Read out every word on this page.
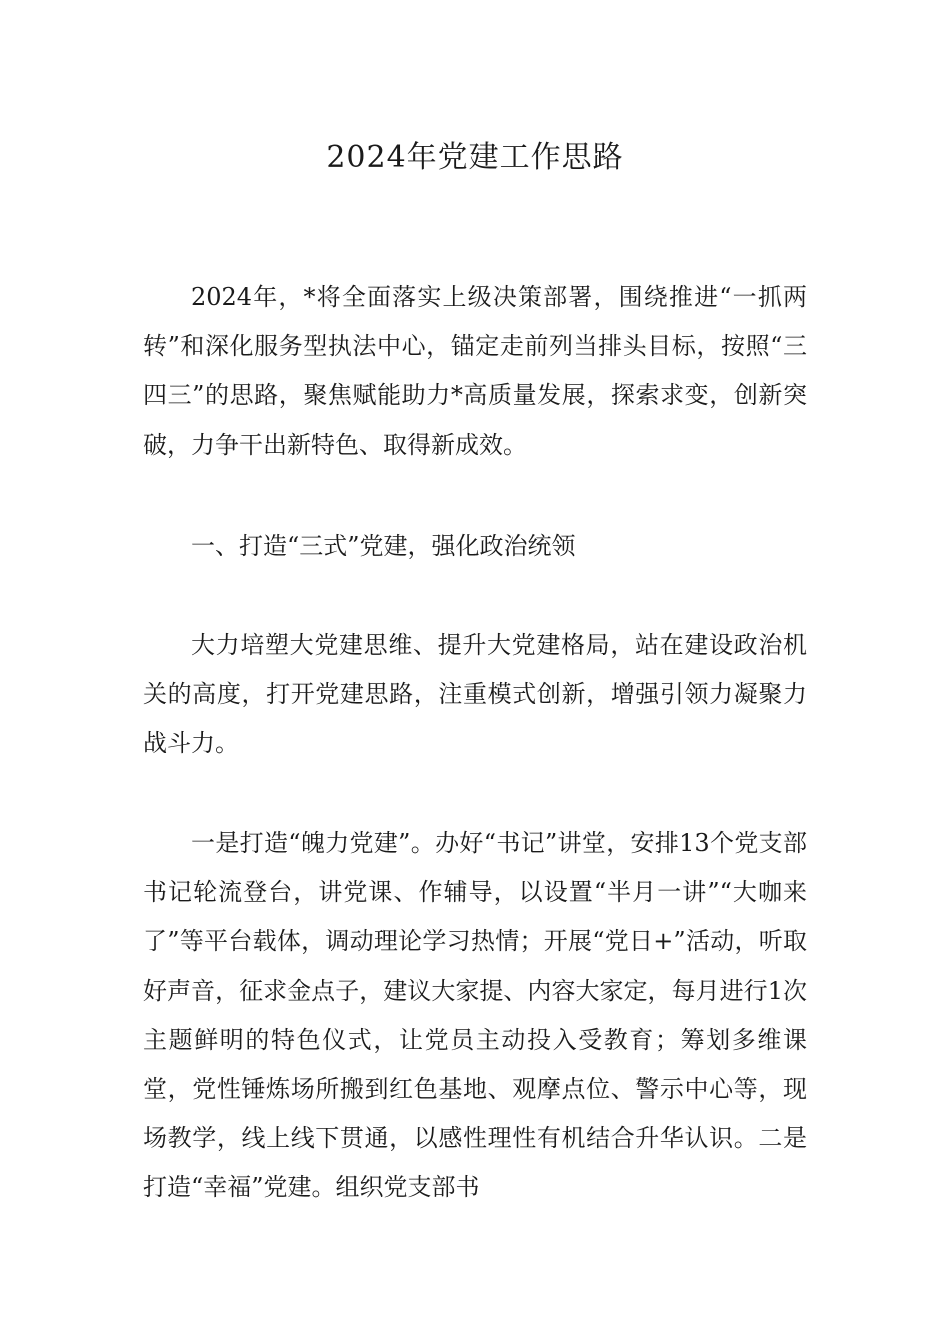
2024年党建工作思路

2024年，*将全面落实上级决策部署，围绕推进“一抓两转”和深化服务型执法中心，锚定走前列当排头目标，按照“三四三”的思路，聚焦赋能助力*高质量发展，探索求变，创新突破，力争干出新特色、取得新成效。

一、打造“三式”党建，强化政治统领

大力培塑大党建思维、提升大党建格局，站在建设政治机关的高度，打开党建思路，注重模式创新，增强引领力凝聚力战斗力。

一是打造“魄力党建”。办好“书记”讲堂，安排13个党支部书记轮流登台，讲党课、作辅导，以设置“半月一讲”“大咖来了”等平台载体，调动理论学习热情；开展“党日+”活动，听取好声音，征求金点子，建议大家提、内容大家定，每月进行1次主题鲜明的特色仪式，让党员主动投入受教育；筹划多维课堂，党性锤炼场所搬到红色基地、观摩点位、警示中心等，现场教学，线上线下贯通，以感性理性有机结合升华认识。二是打造“幸福”党建。组织党支部书
